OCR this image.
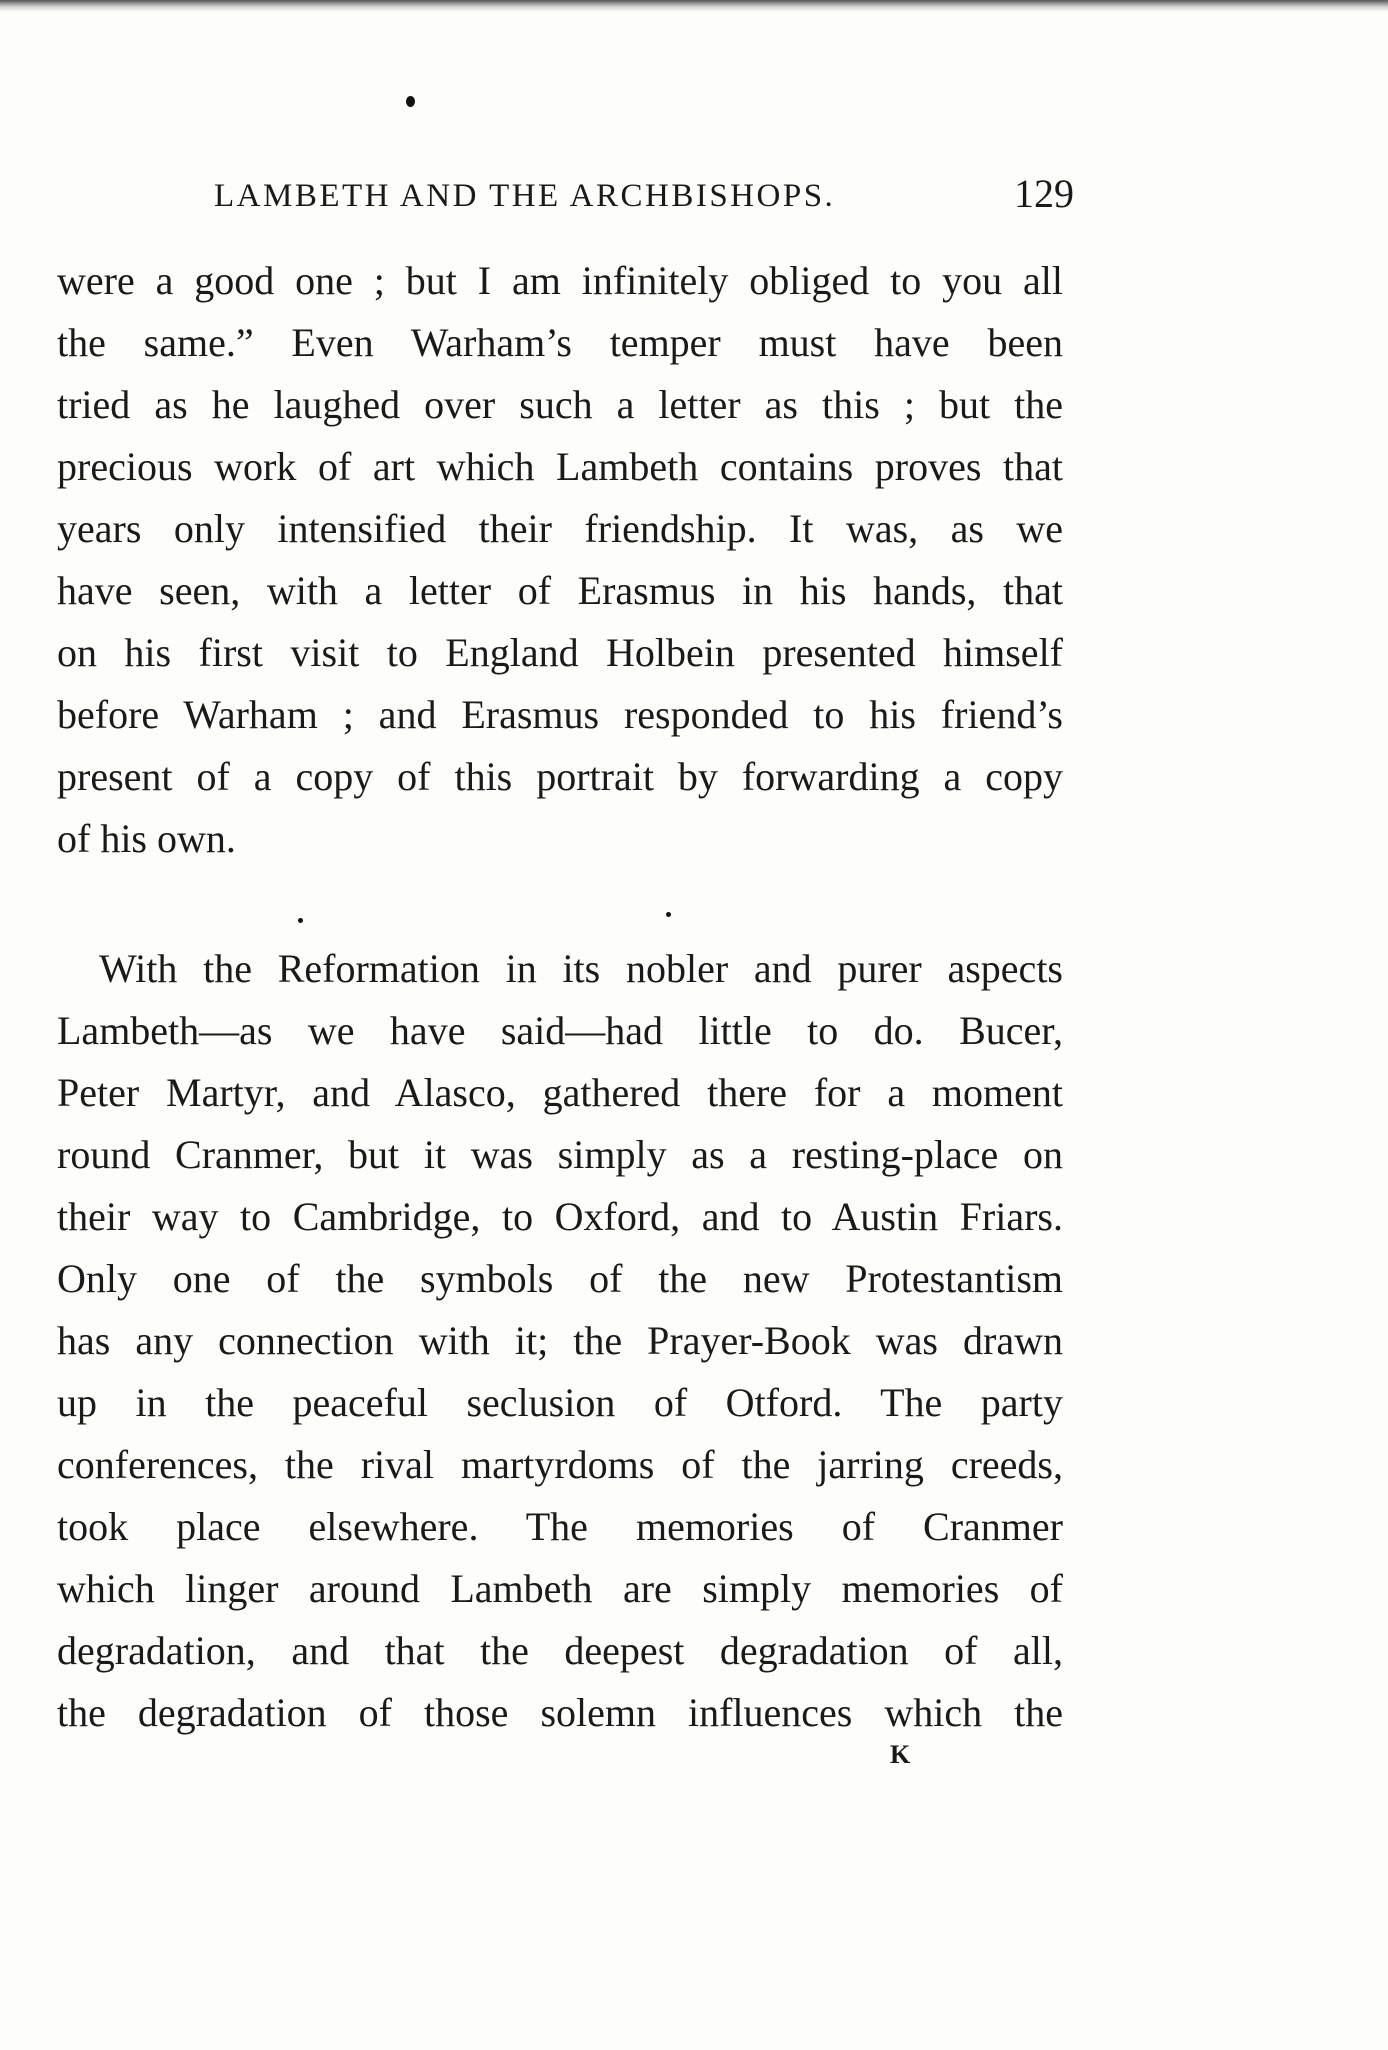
LAMBETH AND THE ARCHBISHOPS.	129
were a good one ; but I am infinitely obliged to you all
the same.” Even Warham’s temper must have been
tried as he laughed over such a letter as this ; but the
precious work of art which Lambeth contains proves that
years only intensified their friendship. It was, as we
have seen, with a letter of Erasmus in his hands, that
on his first visit to England Holbein presented himself
before Warham ; and Erasmus responded to his friend’s
present of a copy of this portrait by forwarding a copy
of his own.
With the Reformation in its nobler and purer aspects
Lambeth—as we have said—had little to do. Bucer,
Peter Martyr, and Alasco, gathered there for a moment
round Cranmer, but it was simply as a resting-place on
their way to Cambridge, to Oxford, and to Austin Friars.
Only one of the symbols of the new Protestantism
has any connection with it; the Prayer-Book was drawn
up in the peaceful seclusion of Otford. The party
conferences, the rival martyrdoms of the jarring creeds,
took place elsewhere. The memories of Cranmer
which linger around Lambeth are simply memories of
degradation, and that the deepest degradation of all,
the degradation of those solemn influences which the
K
